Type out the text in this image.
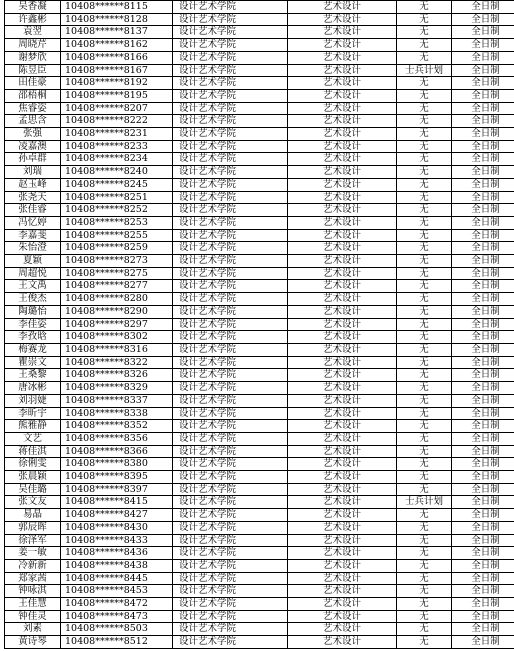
吴香凝	10408******8115	设计艺术学院	艺术设计	无	全日制
许鑫彬	10408******8128	设计艺术学院	艺术设计	无	全日制
袁翌	10408******8137	设计艺术学院	艺术设计	无	全日制
周晓芹	10408******8162	设计艺术学院	艺术设计	无	全日制
谢梦欣	10408******8166	设计艺术学院	艺术设计	无	全日制
陈昱臣	10408******8167	设计艺术学院	艺术设计	士兵计划	全日制
田佳豪	10408******8192	设计艺术学院	艺术设计	无	全日制
邵梧桐	10408******8195	设计艺术学院	艺术设计	无	全日制
焦睿姿	10408******8207	设计艺术学院	艺术设计	无	全日制
孟思含	10408******8222	设计艺术学院	艺术设计	无	全日制
张强	10408******8231	设计艺术学院	艺术设计	无	全日制
凌嘉澳	10408******8233	设计艺术学院	艺术设计	无	全日制
孙卓群	10408******8234	设计艺术学院	艺术设计	无	全日制
刘瑞	10408******8240	设计艺术学院	艺术设计	无	全日制
赵玉峰	10408******8245	设计艺术学院	艺术设计	无	全日制
张尧天	10408******8251	设计艺术学院	艺术设计	无	全日制
张佳睿	10408******8252	设计艺术学院	艺术设计	无	全日制
冯忆婷	10408******8253	设计艺术学院	艺术设计	无	全日制
李嘉斐	10408******8255	设计艺术学院	艺术设计	无	全日制
朱怡澄	10408******8259	设计艺术学院	艺术设计	无	全日制
夏颖	10408******8273	设计艺术学院	艺术设计	无	全日制
周超悦	10408******8275	设计艺术学院	艺术设计	无	全日制
王文禹	10408******8277	设计艺术学院	艺术设计	无	全日制
王俊杰	10408******8280	设计艺术学院	艺术设计	无	全日制
陶璐怡	10408******8290	设计艺术学院	艺术设计	无	全日制
李佳姿	10408******8297	设计艺术学院	艺术设计	无	全日制
李孜晗	10408******8302	设计艺术学院	艺术设计	无	全日制
梅赛龙	10408******8316	设计艺术学院	艺术设计	无	全日制
瞿崇文	10408******8322	设计艺术学院	艺术设计	无	全日制
王桑黎	10408******8326	设计艺术学院	艺术设计	无	全日制
唐冰彬	10408******8329	设计艺术学院	艺术设计	无	全日制
刘羽婕	10408******8337	设计艺术学院	艺术设计	无	全日制
李昕宇	10408******8338	设计艺术学院	艺术设计	无	全日制
熊雅静	10408******8352	设计艺术学院	艺术设计	无	全日制
文艺	10408******8356	设计艺术学院	艺术设计	无	全日制
蒋佳淇	10408******8366	设计艺术学院	艺术设计	无	全日制
徐俐雯	10408******8380	设计艺术学院	艺术设计	无	全日制
张晨颖	10408******8395	设计艺术学院	艺术设计	无	全日制
吴佳璐	10408******8397	设计艺术学院	艺术设计	无	全日制
张文友	10408******8415	设计艺术学院	艺术设计	士兵计划	全日制
易晶	10408******8427	设计艺术学院	艺术设计	无	全日制
郭辰晖	10408******8430	设计艺术学院	艺术设计	无	全日制
徐泽军	10408******8433	设计艺术学院	艺术设计	无	全日制
姜一敏	10408******8436	设计艺术学院	艺术设计	无	全日制
冷新新	10408******8438	设计艺术学院	艺术设计	无	全日制
郑家茜	10408******8445	设计艺术学院	艺术设计	无	全日制
钟咏淇	10408******8453	设计艺术学院	艺术设计	无	全日制
王佳慧	10408******8472	设计艺术学院	艺术设计	无	全日制
钟佳灵	10408******8473	设计艺术学院	艺术设计	无	全日制
刘素	10408******8503	设计艺术学院	艺术设计	无	全日制
黄诗琴	10408******8512	设计艺术学院	艺术设计	无	全日制
